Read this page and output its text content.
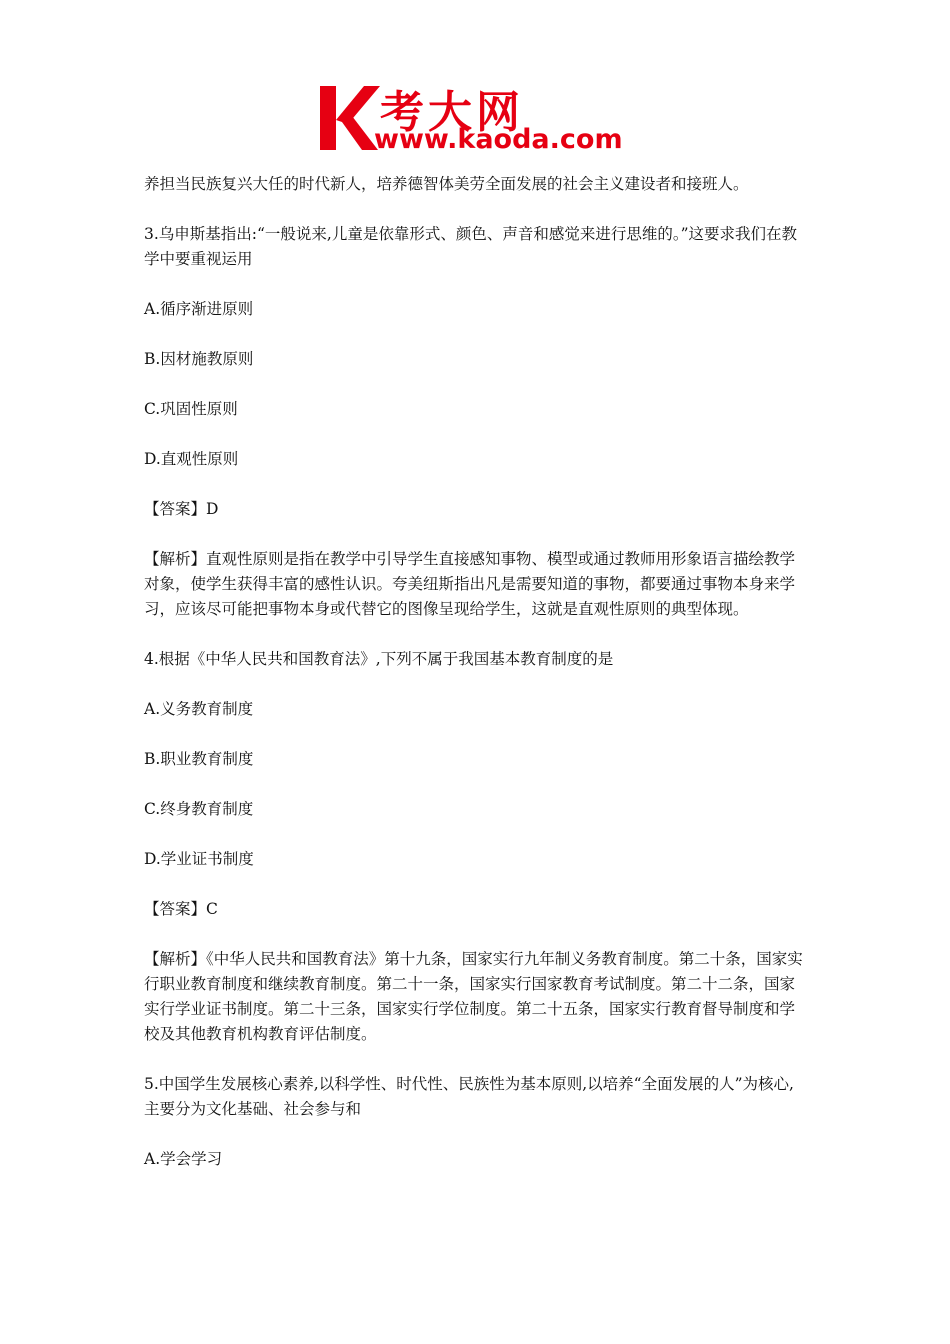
考大网
www.kaoda.com

养担当民族复兴大任的时代新人，培养德智体美劳全面发展的社会主义建设者和接班人。

3.乌申斯基指出:“一般说来,儿童是依靠形式、颜色、声音和感觉来进行思维的。”这要求我们在教学中要重视运用

A.循序渐进原则

B.因材施教原则

C.巩固性原则

D.直观性原则

【答案】D

【解析】直观性原则是指在教学中引导学生直接感知事物、模型或通过教师用形象语言描绘教学对象，使学生获得丰富的感性认识。夸美纽斯指出凡是需要知道的事物，都要通过事物本身来学习，应该尽可能把事物本身或代替它的图像呈现给学生，这就是直观性原则的典型体现。

4.根据《中华人民共和国教育法》,下列不属于我国基本教育制度的是

A.义务教育制度

B.职业教育制度

C.终身教育制度

D.学业证书制度

【答案】C

【解析】《中华人民共和国教育法》第十九条，国家实行九年制义务教育制度。第二十条，国家实行职业教育制度和继续教育制度。第二十一条，国家实行国家教育考试制度。第二十二条，国家实行学业证书制度。第二十三条，国家实行学位制度。第二十五条，国家实行教育督导制度和学校及其他教育机构教育评估制度。

5.中国学生发展核心素养,以科学性、时代性、民族性为基本原则,以培养“全面发展的人”为核心,主要分为文化基础、社会参与和

A.学会学习
